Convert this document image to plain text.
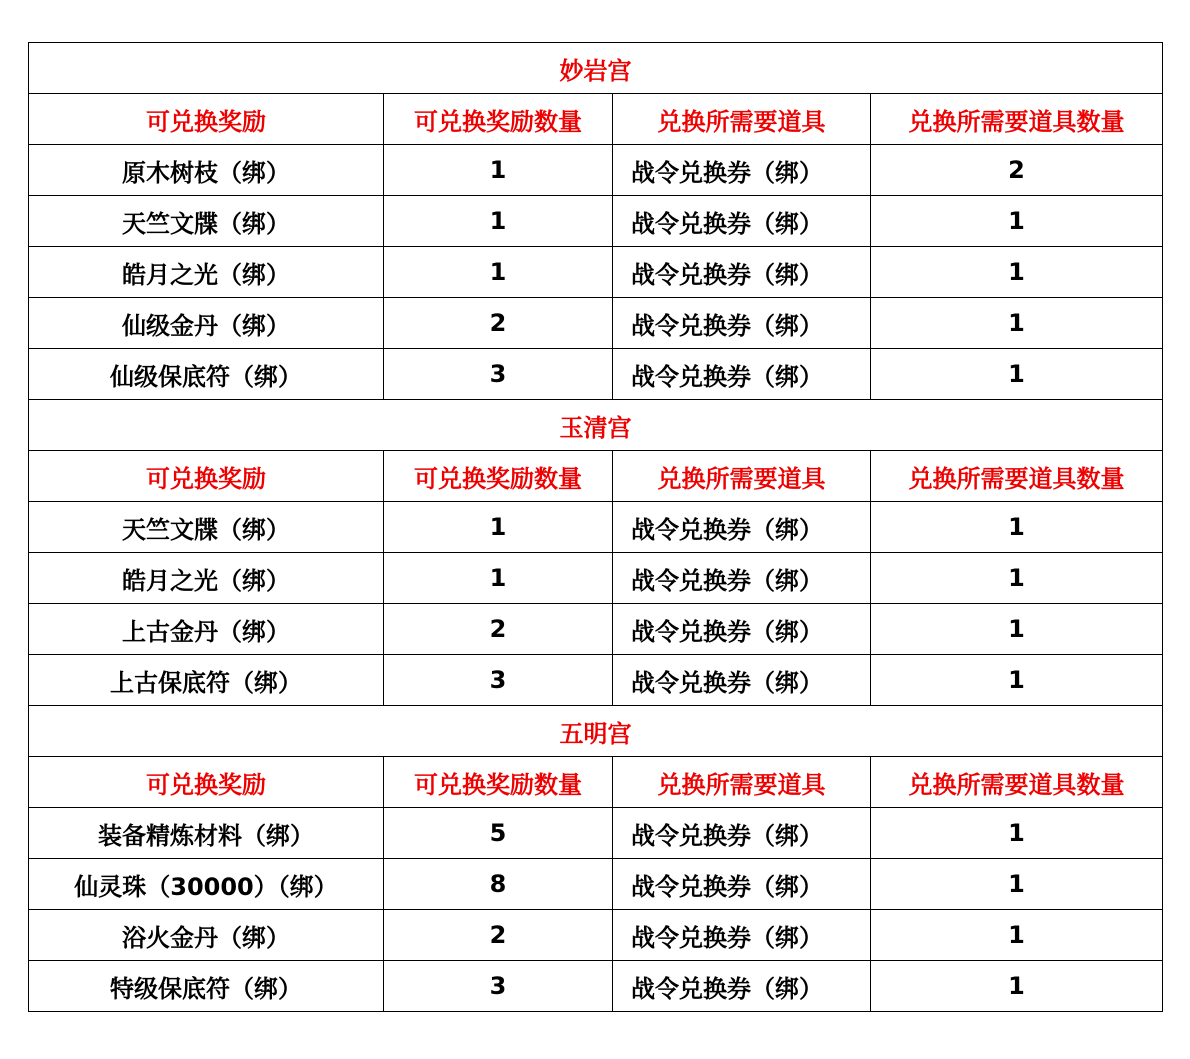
妙岩宫			
可兑换奖励	可兑换奖励数量	兑换所需要道具	兑换所需要道具数量
原木树枝（绑）	1	战令兑换券（绑）	2
天竺文牒（绑）	1	战令兑换券（绑）	1
皓月之光（绑）	1	战令兑换券（绑）	1
仙级金丹（绑）	2	战令兑换券（绑）	1
仙级保底符（绑）	3	战令兑换券（绑）	1
玉清宫			
可兑换奖励	可兑换奖励数量	兑换所需要道具	兑换所需要道具数量
天竺文牒（绑）	1	战令兑换券（绑）	1
皓月之光（绑）	1	战令兑换券（绑）	1
上古金丹（绑）	2	战令兑换券（绑）	1
上古保底符（绑）	3	战令兑换券（绑）	1
五明宫			
可兑换奖励	可兑换奖励数量	兑换所需要道具	兑换所需要道具数量
装备精炼材料（绑）	5	战令兑换券（绑）	1
仙灵珠（30000）（绑）	8	战令兑换券（绑）	1
浴火金丹（绑）	2	战令兑换券（绑）	1
特级保底符（绑）	3	战令兑换券（绑）	1
